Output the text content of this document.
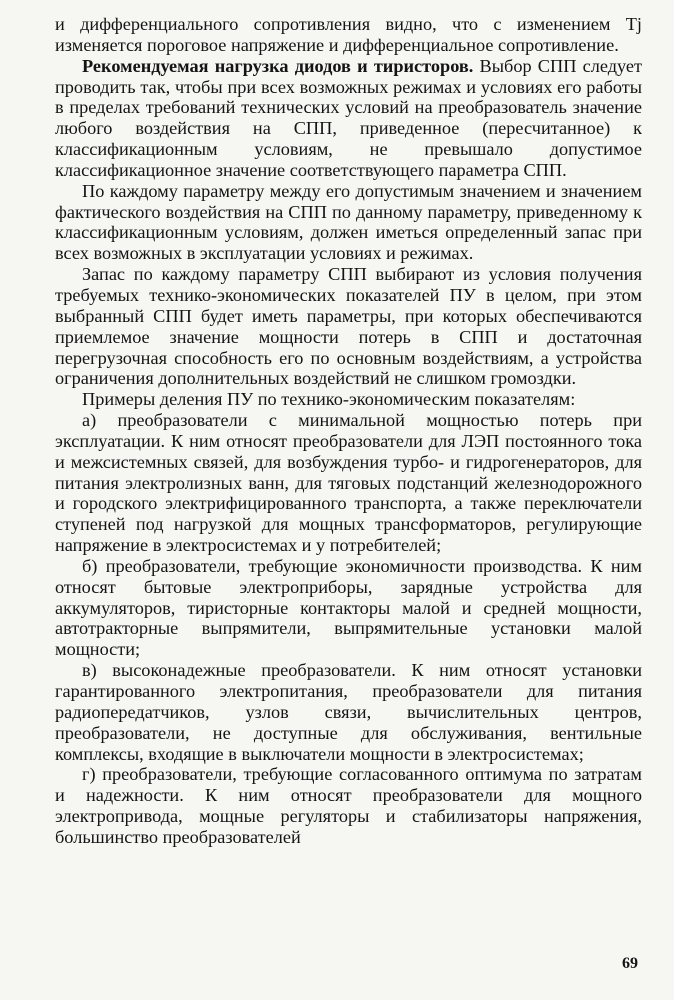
и дифференциального сопротивления видно, что с изменением Tj изменяется пороговое напряжение и дифференциальное сопротивление.

Рекомендуемая нагрузка диодов и тиристоров. Выбор СПП следует проводить так, чтобы при всех возможных режимах и условиях его работы в пределах требований технических условий на преобразователь значение любого воздействия на СПП, приведенное (пересчитанное) к классификационным условиям, не превышало допустимое классификационное значение соответствующего параметра СПП.

По каждому параметру между его допустимым значением и значением фактического воздействия на СПП по данному параметру, приведенному к классификационным условиям, должен иметься определенный запас при всех возможных в эксплуатации условиях и режимах.

Запас по каждому параметру СПП выбирают из условия получения требуемых технико-экономических показателей ПУ в целом, при этом выбранный СПП будет иметь параметры, при которых обеспечиваются приемлемое значение мощности потерь в СПП и достаточная перегрузочная способность его по основным воздействиям, а устройства ограничения дополнительных воздействий не слишком громоздки.

Примеры деления ПУ по технико-экономическим показателям:

а) преобразователи с минимальной мощностью потерь при эксплуатации. К ним относят преобразователи для ЛЭП постоянного тока и межсистемных связей, для возбуждения турбо- и гидрогенераторов, для питания электролизных ванн, для тяговых подстанций железнодорожного и городского электрифицированного транспорта, а также переключатели ступеней под нагрузкой для мощных трансформаторов, регулирующие напряжение в электросистемах и у потребителей;

б) преобразователи, требующие экономичности производства. К ним относят бытовые электроприборы, зарядные устройства для аккумуляторов, тиристорные контакторы малой и средней мощности, автотракторные выпрямители, выпрямительные установки малой мощности;

в) высоконадежные преобразователи. К ним относят установки гарантированного электропитания, преобразователи для питания радиопередатчиков, узлов связи, вычислительных центров, преобразователи, не доступные для обслуживания, вентильные комплексы, входящие в выключатели мощности в электросистемах;

г) преобразователи, требующие согласованного оптимума по затратам и надежности. К ним относят преобразователи для мощного электропривода, мощные регуляторы и стабилизаторы напряжения, большинство преобразователей

69
